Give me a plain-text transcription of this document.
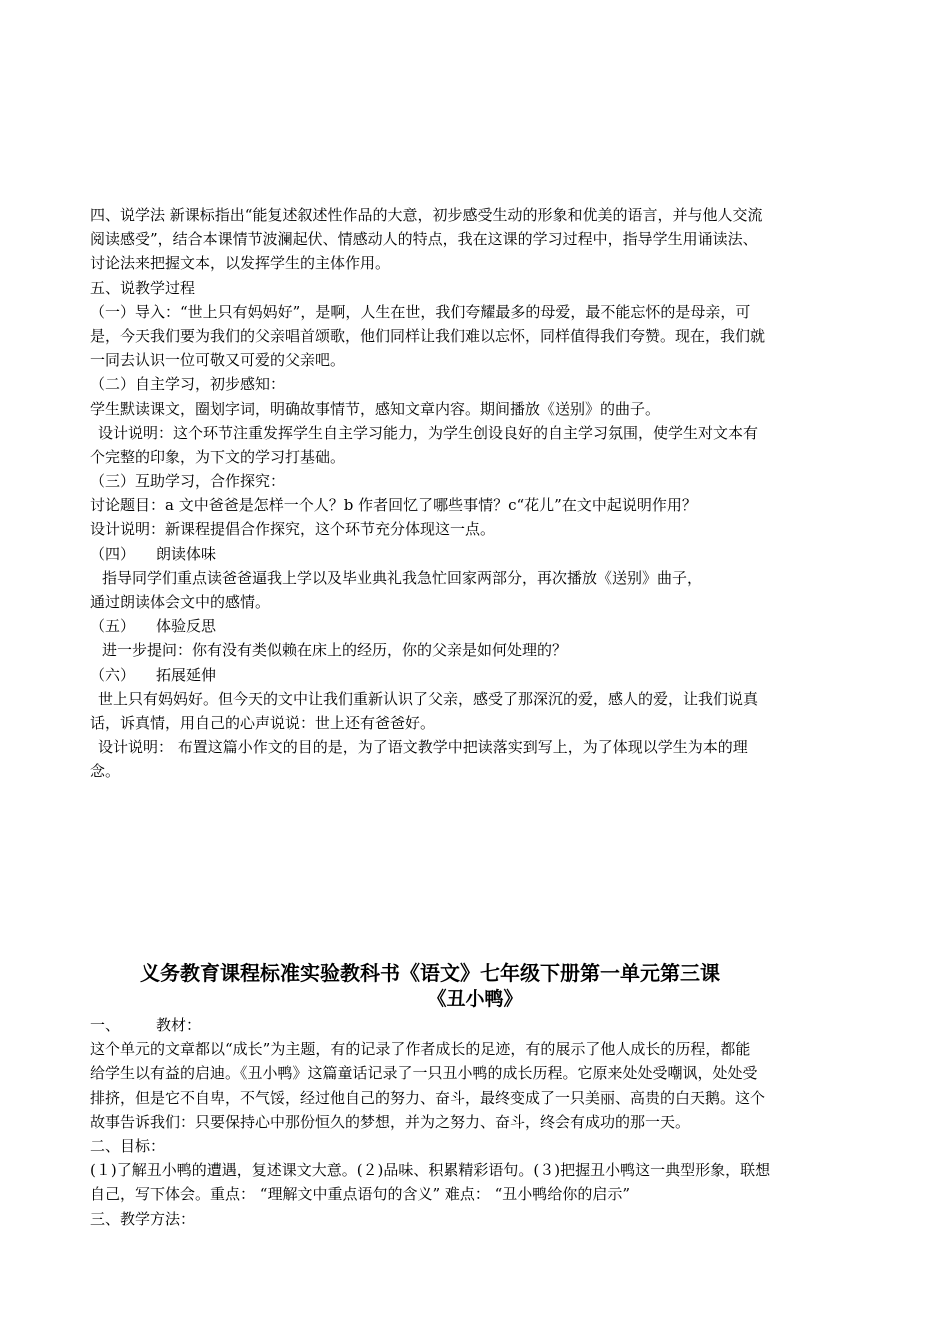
四、说学法 新课标指出“能复述叙述性作品的大意，初步感受生动的形象和优美的语言，并与他人交流
阅读感受”，结合本课情节波澜起伏、情感动人的特点，我在这课的学习过程中，指导学生用诵读法、
讨论法来把握文本，以发挥学生的主体作用。
五、说教学过程
（一）导入：“世上只有妈妈好”，是啊，人生在世，我们夸耀最多的母爱，最不能忘怀的是母亲，可
是，今天我们要为我们的父亲唱首颂歌，他们同样让我们难以忘怀，同样值得我们夸赞。现在，我们就
一同去认识一位可敬又可爱的父亲吧。
（二）自主学习，初步感知：
学生默读课文，圈划字词，明确故事情节，感知文章内容。期间播放《送别》的曲子。
设计说明：这个环节注重发挥学生自主学习能力，为学生创设良好的自主学习氛围，使学生对文本有
个完整的印象，为下文的学习打基础。
（三）互助学习，合作探究：
讨论题目：a 文中爸爸是怎样一个人？b 作者回忆了哪些事情？c“花儿”在文中起说明作用？
设计说明：新课程提倡合作探究，这个环节充分体现这一点。
（四） 朗读体味
指导同学们重点读爸爸逼我上学以及毕业典礼我急忙回家两部分，再次播放《送别》曲子，
通过朗读体会文中的感情。
（五） 体验反思
进一步提问：你有没有类似赖在床上的经历，你的父亲是如何处理的？
（六） 拓展延伸
世上只有妈妈好。但今天的文中让我们重新认识了父亲，感受了那深沉的爱，感人的爱，让我们说真
话，诉真情，用自己的心声说说：世上还有爸爸好。
设计说明： 布置这篇小作文的目的是，为了语文教学中把读落实到写上，为了体现以学生为本的理
念。
义务教育课程标准实验教科书《语文》七年级下册第一单元第三课
《丑小鸭》
一、 教材：
这个单元的文章都以“成长”为主题，有的记录了作者成长的足迹，有的展示了他人成长的历程，都能
给学生以有益的启迪。《丑小鸭》这篇童话记录了一只丑小鸭的成长历程。它原来处处受嘲讽，处处受
排挤，但是它不自卑，不气馁，经过他自己的努力、奋斗，最终变成了一只美丽、高贵的白天鹅。这个
故事告诉我们：只要保持心中那份恒久的梦想，并为之努力、奋斗，终会有成功的那一天。
二、目标：
(１)了解丑小鸭的遭遇，复述课文大意。(２)品味、积累精彩语句。(３)把握丑小鸭这一典型形象，联想
自己，写下体会。重点： “理解文中重点语句的含义” 难点： “丑小鸭给你的启示”
三、教学方法：
